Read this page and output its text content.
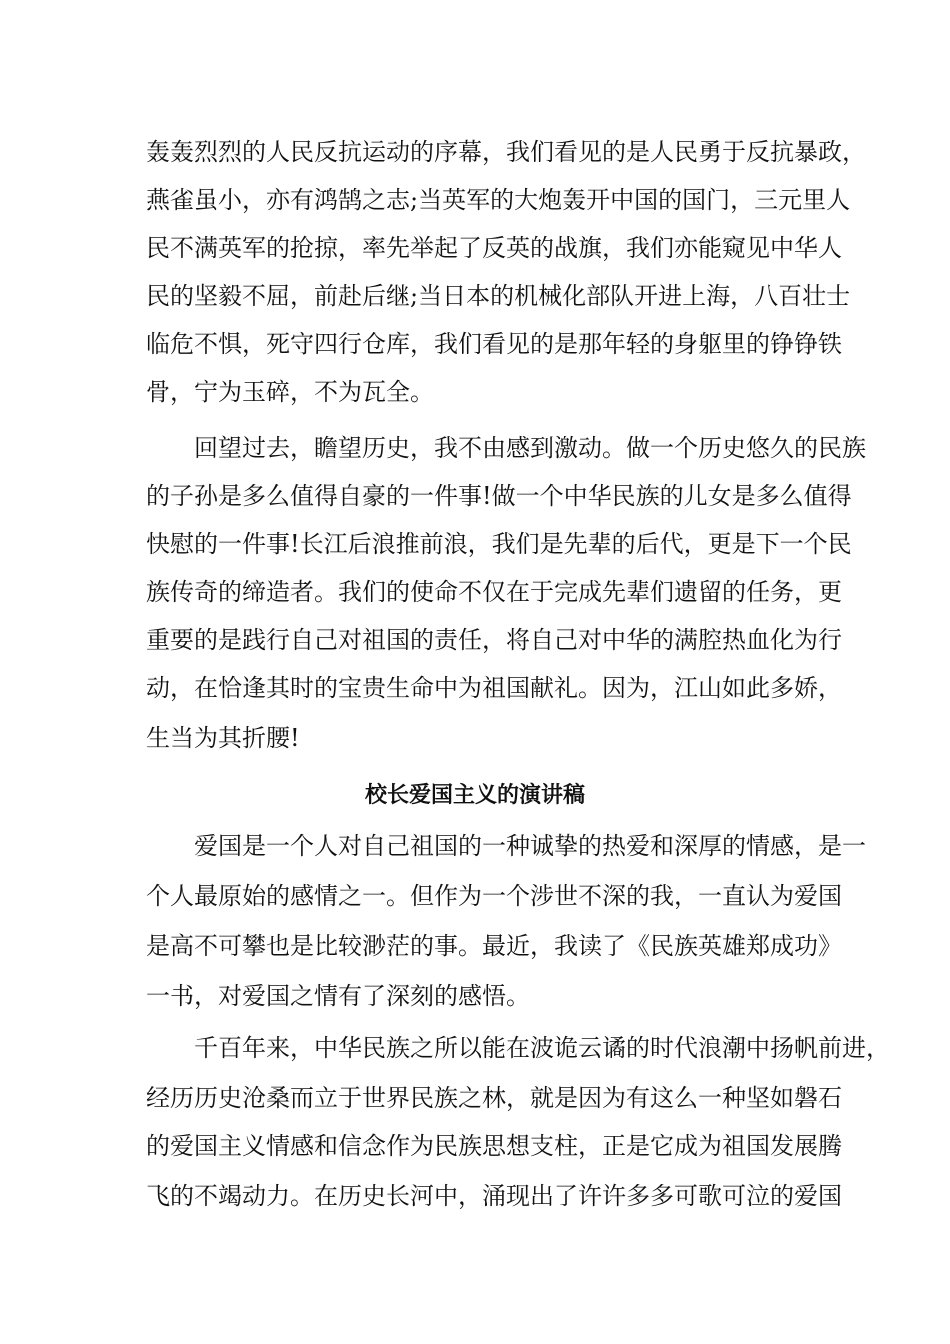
轰轰烈烈的人民反抗运动的序幕，我们看见的是人民勇于反抗暴政，
燕雀虽小，亦有鸿鹄之志;当英军的大炮轰开中国的国门，三元里人
民不满英军的抢掠，率先举起了反英的战旗，我们亦能窥见中华人
民的坚毅不屈，前赴后继;当日本的机械化部队开进上海，八百壮士
临危不惧，死守四行仓库，我们看见的是那年轻的身躯里的铮铮铁
骨，宁为玉碎，不为瓦全。
　　回望过去，瞻望历史，我不由感到激动。做一个历史悠久的民族
的子孙是多么值得自豪的一件事!做一个中华民族的儿女是多么值得
快慰的一件事!长江后浪推前浪，我们是先辈的后代，更是下一个民
族传奇的缔造者。我们的使命不仅在于完成先辈们遗留的任务，更
重要的是践行自己对祖国的责任，将自己对中华的满腔热血化为行
动，在恰逢其时的宝贵生命中为祖国献礼。因为，江山如此多娇，
生当为其折腰!
校长爱国主义的演讲稿
　　爱国是一个人对自己祖国的一种诚挚的热爱和深厚的情感，是一
个人最原始的感情之一。但作为一个涉世不深的我，一直认为爱国
是高不可攀也是比较渺茫的事。最近，我读了《民族英雄郑成功》
一书，对爱国之情有了深刻的感悟。
　　千百年来，中华民族之所以能在波诡云谲的时代浪潮中扬帆前进，
经历历史沧桑而立于世界民族之林，就是因为有这么一种坚如磐石
的爱国主义情感和信念作为民族思想支柱，正是它成为祖国发展腾
飞的不竭动力。在历史长河中，涌现出了许许多多可歌可泣的爱国
